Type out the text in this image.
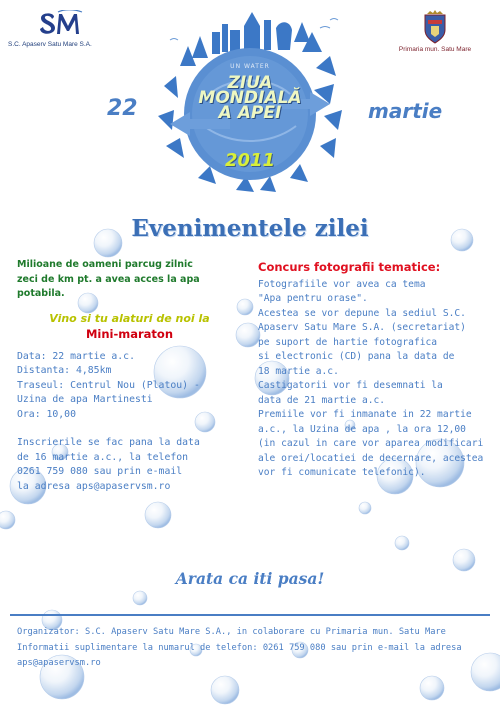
S.C. Apaserv Satu Mare S.A.
Primaria mun. Satu Mare
UN WATER
ZIUA
MONDIALĂ
A APEI
2011
22	martie
Evenimentele zilei
Milioane de oameni parcug zilnic
zeci de km pt. a avea acces la apa
potabila.
Vino si tu alaturi de noi la
Mini-maraton
Data: 22 martie a.c.
Distanta: 4,85km
Traseul: Centrul Nou (Platou) -
Uzina de apa Martinesti
Ora: 10,00
Inscrierile se fac pana la data
de 16 martie a.c., la telefon
0261 759 080 sau prin e-mail
la adresa aps@apaservsm.ro
Concurs fotografii tematice:
Fotografiile vor avea ca tema
"Apa pentru orase".
Acestea se vor depune la sediul S.C.
Apaserv Satu Mare S.A. (secretariat)
pe suport de hartie fotografica
si electronic (CD) pana la data de
18 martie a.c.
Castigatorii vor fi desemnati la
data de 21 martie a.c.
Premiile vor fi inmanate in 22 martie
a.c., la Uzina de apa , la ora 12,00
(in cazul in care vor aparea modificari
ale orei/locatiei de decernare, acestea
vor fi comunicate telefonic).
Arata ca iti pasa!
Organizator: S.C. Apaserv Satu Mare S.A., in colaborare cu Primaria mun. Satu Mare
Informatii suplimentare la numarul de telefon: 0261 759 080 sau prin e-mail la adresa
aps@apaservsm.ro
